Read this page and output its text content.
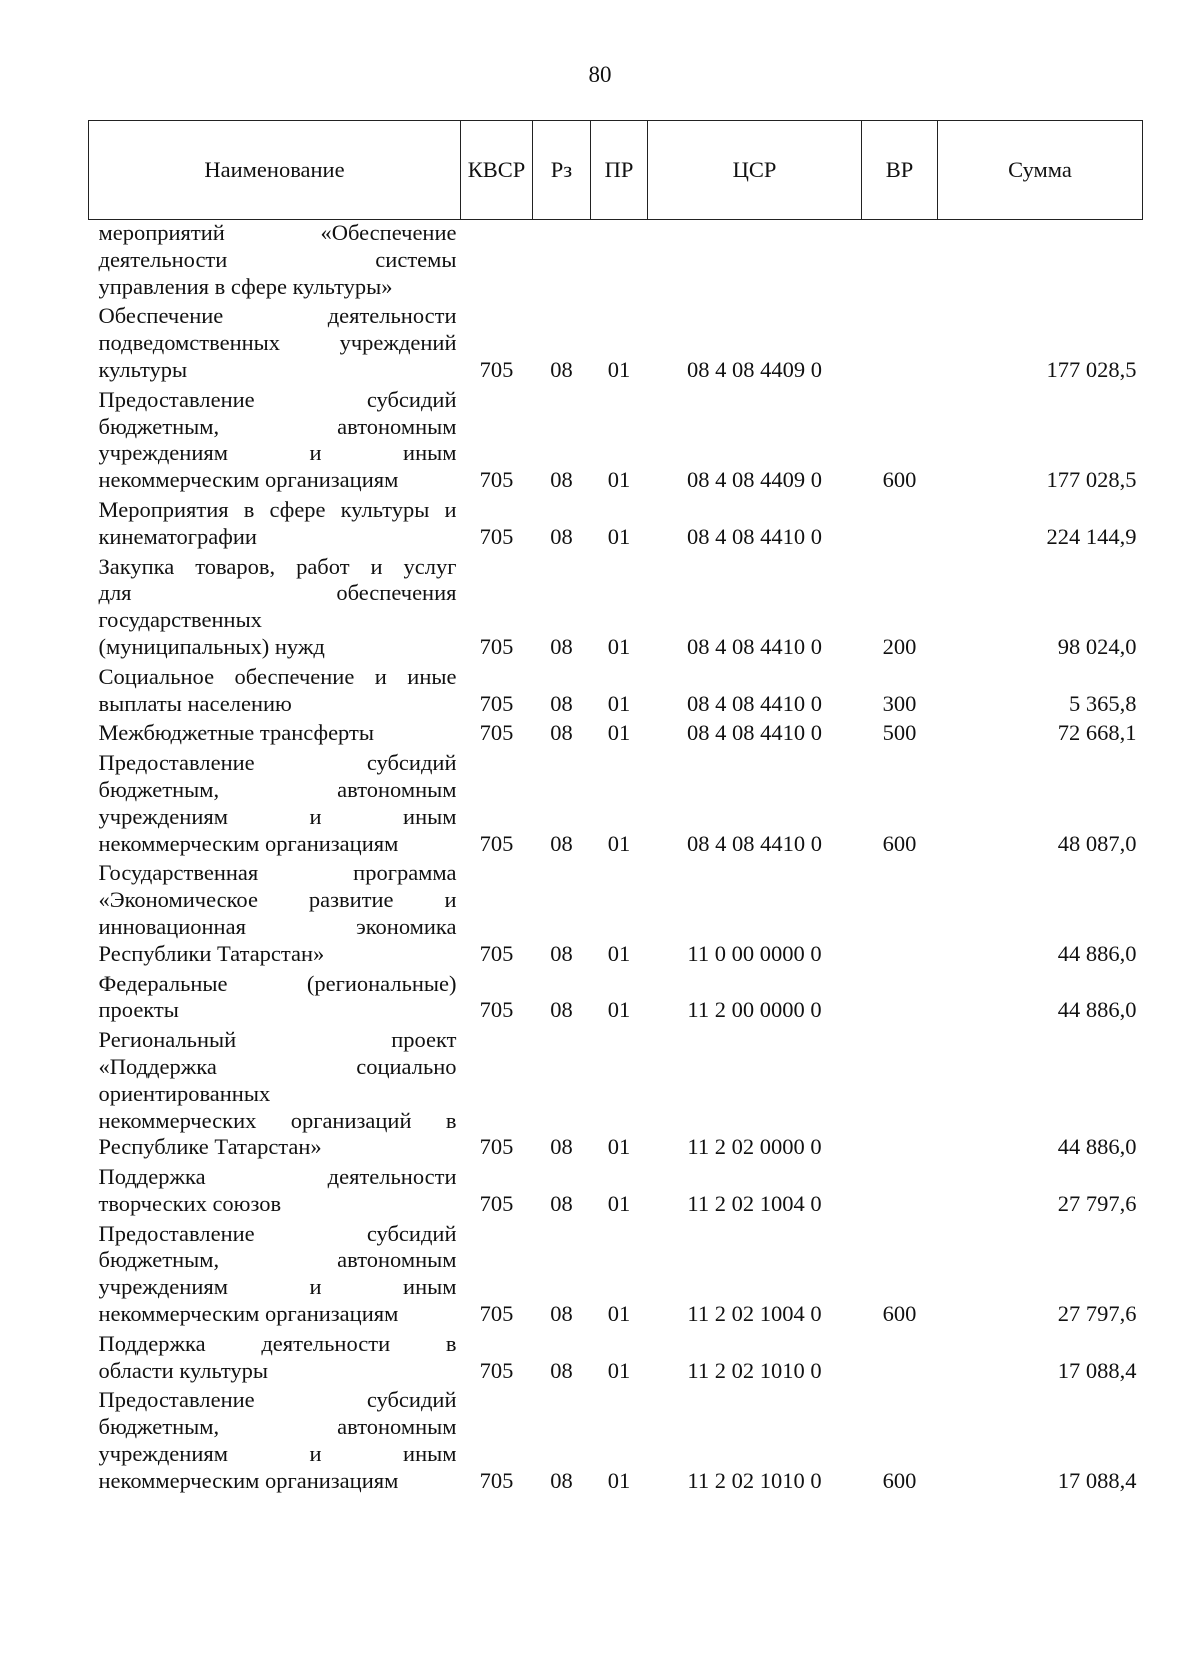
80
Наименование	КВСР	Рз	ПР	ЦСР	ВР	Сумма

мероприятий «Обеспечение
деятельности системы
управления в сфере культуры»						

Обеспечение деятельности
подведомственных учреждений
культуры	705	08	01	08 4 08 4409 0		177 028,5

Предоставление субсидий
бюджетным, автономным
учреждениям и иным
некоммерческим организациям	705	08	01	08 4 08 4409 0	600	177 028,5

Мероприятия в сфере культуры и
кинематографии	705	08	01	08 4 08 4410 0		224 144,9

Закупка товаров, работ и услуг
для обеспечения
государственных
(муниципальных) нужд	705	08	01	08 4 08 4410 0	200	98 024,0

Социальное обеспечение и иные
выплаты населению	705	08	01	08 4 08 4410 0	300	5 365,8

Межбюджетные трансферты	705	08	01	08 4 08 4410 0	500	72 668,1

Предоставление субсидий
бюджетным, автономным
учреждениям и иным
некоммерческим организациям	705	08	01	08 4 08 4410 0	600	48 087,0

Государственная программа
«Экономическое развитие и
инновационная экономика
Республики Татарстан»	705	08	01	11 0 00 0000 0		44 886,0

Федеральные (региональные)
проекты	705	08	01	11 2 00 0000 0		44 886,0

Региональный проект
«Поддержка социально
ориентированных
некоммерческих организаций в
Республике Татарстан»	705	08	01	11 2 02 0000 0		44 886,0

Поддержка деятельности
творческих союзов	705	08	01	11 2 02 1004 0		27 797,6

Предоставление субсидий
бюджетным, автономным
учреждениям и иным
некоммерческим организациям	705	08	01	11 2 02 1004 0	600	27 797,6

Поддержка деятельности в
области культуры	705	08	01	11 2 02 1010 0		17 088,4

Предоставление субсидий
бюджетным, автономным
учреждениям и иным
некоммерческим организациям	705	08	01	11 2 02 1010 0	600	17 088,4
